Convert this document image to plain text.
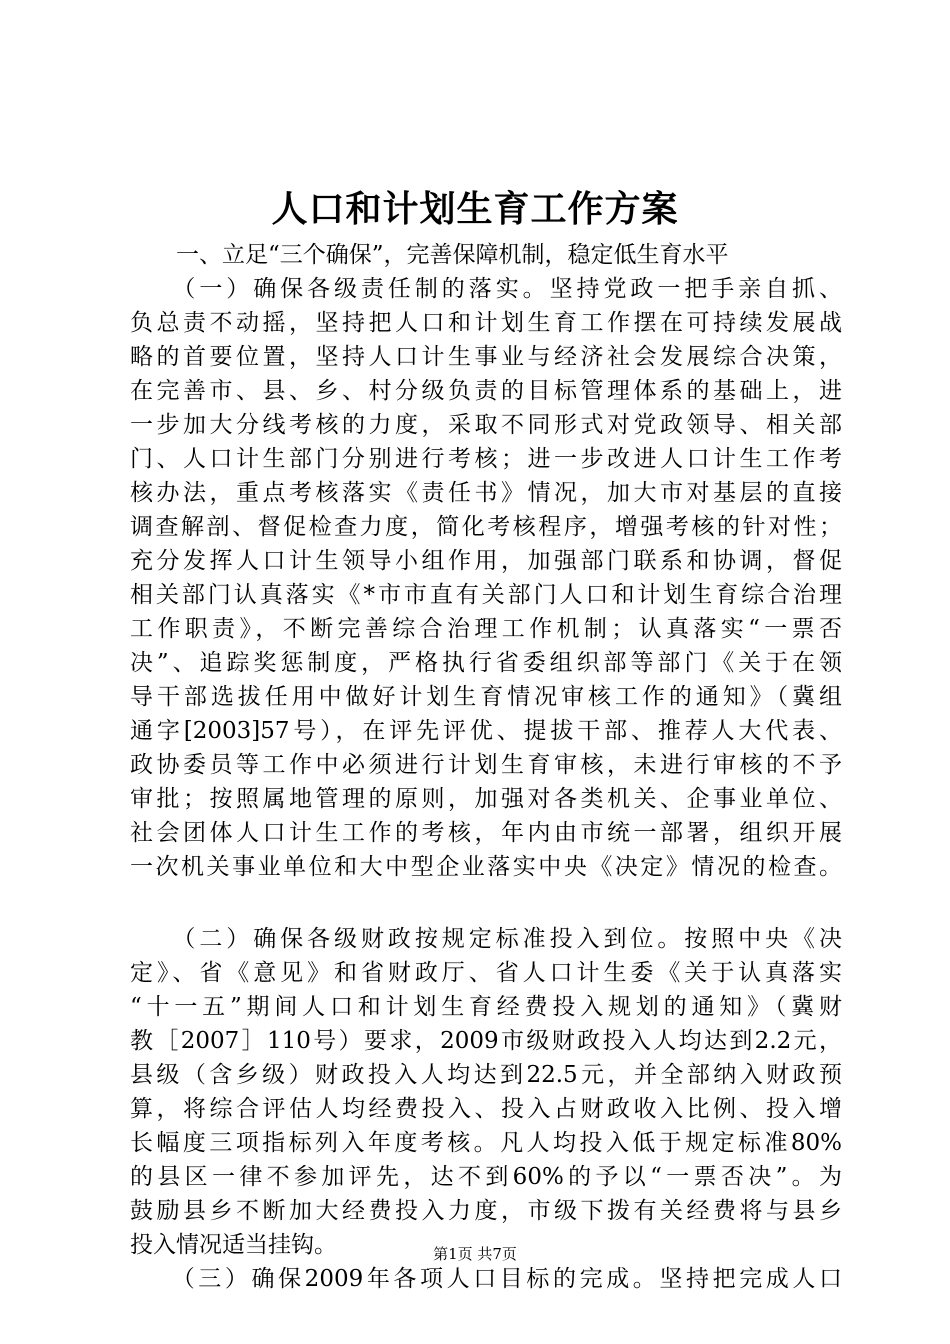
人口和计划生育工作方案
　　一、立足“三个确保”，完善保障机制，稳定低生育水平
　　（一）确保各级责任制的落实。坚持党政一把手亲自抓、
负总责不动摇，坚持把人口和计划生育工作摆在可持续发展战
略的首要位置，坚持人口计生事业与经济社会发展综合决策，
在完善市、县、乡、村分级负责的目标管理体系的基础上，进
一步加大分线考核的力度，采取不同形式对党政领导、相关部
门、人口计生部门分别进行考核；进一步改进人口计生工作考
核办法，重点考核落实《责任书》情况，加大市对基层的直接
调查解剖、督促检查力度，简化考核程序，增强考核的针对性；
充分发挥人口计生领导小组作用，加强部门联系和协调，督促
相关部门认真落实《*市市直有关部门人口和计划生育综合治理
工作职责》，不断完善综合治理工作机制；认真落实“一票否
决”、追踪奖惩制度，严格执行省委组织部等部门《关于在领
导干部选拔任用中做好计划生育情况审核工作的通知》（冀组
通字[2003]57号），在评先评优、提拔干部、推荐人大代表、
政协委员等工作中必须进行计划生育审核，未进行审核的不予
审批；按照属地管理的原则，加强对各类机关、企事业单位、
社会团体人口计生工作的考核，年内由市统一部署，组织开展
一次机关事业单位和大中型企业落实中央《决定》情况的检查。
　　（二）确保各级财政按规定标准投入到位。按照中央《决
定》、省《意见》和省财政厅、省人口计生委《关于认真落实
“十一五”期间人口和计划生育经费投入规划的通知》（冀财
教［2007］110号）要求，2009市级财政投入人均达到2.2元，
县级（含乡级）财政投入人均达到22.5元，并全部纳入财政预
算，将综合评估人均经费投入、投入占财政收入比例、投入增
长幅度三项指标列入年度考核。凡人均投入低于规定标准80%
的县区一律不参加评先，达不到60%的予以“一票否决”。为
鼓励县乡不断加大经费投入力度，市级下拨有关经费将与县乡
投入情况适当挂钩。
　　（三）确保2009年各项人口目标的完成。坚持把完成人口
第1页 共7页
